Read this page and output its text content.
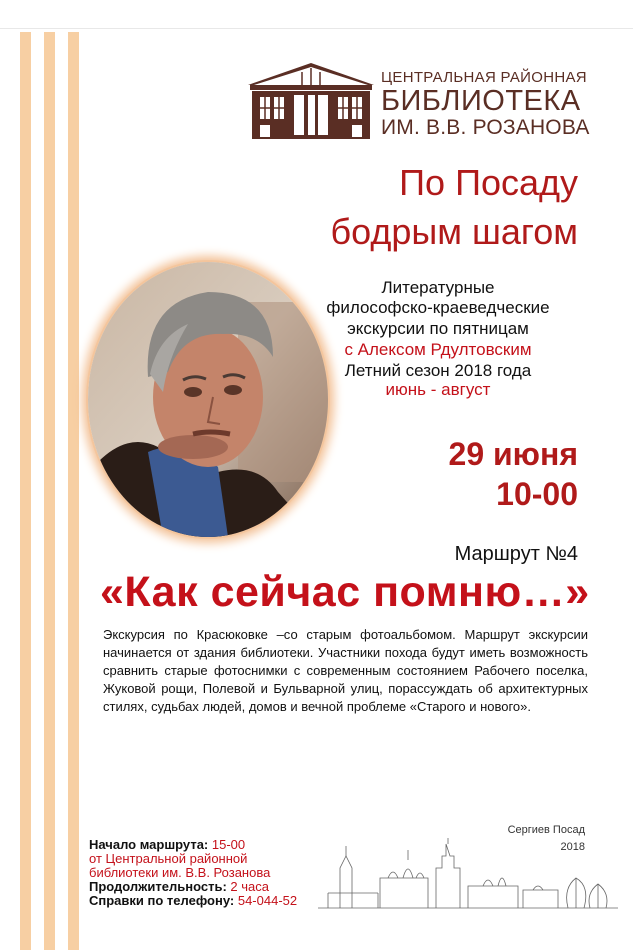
ЦЕНТРАЛЬНАЯ РАЙОННАЯ
БИБЛИОТЕКА
ИМ. В.В. РОЗАНОВА
По Посаду
бодрым шагом
Литературные
философско-краеведческие
экскурсии по пятницам
с Алексом Рдултовским
Летний сезон 2018 года
июнь - август
29 июня
10-00
Маршрут №4
«Как сейчас помню…»
Экскурсия по Красюковке –со старым фотоальбомом. Маршрут экскурсии начинается от здания библиотеки. Участники похода будут иметь возможность сравнить старые фотоснимки с современным состоянием Рабочего поселка, Жуковой рощи, Полевой и Бульварной улиц, порассуждать об архитектурных стилях, судьбах людей, домов и вечной проблеме «Старого и нового».
Начало маршрута: 15-00
от Центральной районной
библиотеки им. В.В. Розанова
Продолжительность: 2 часа
Справки по телефону: 54-044-52
Сергиев Посад
2018
